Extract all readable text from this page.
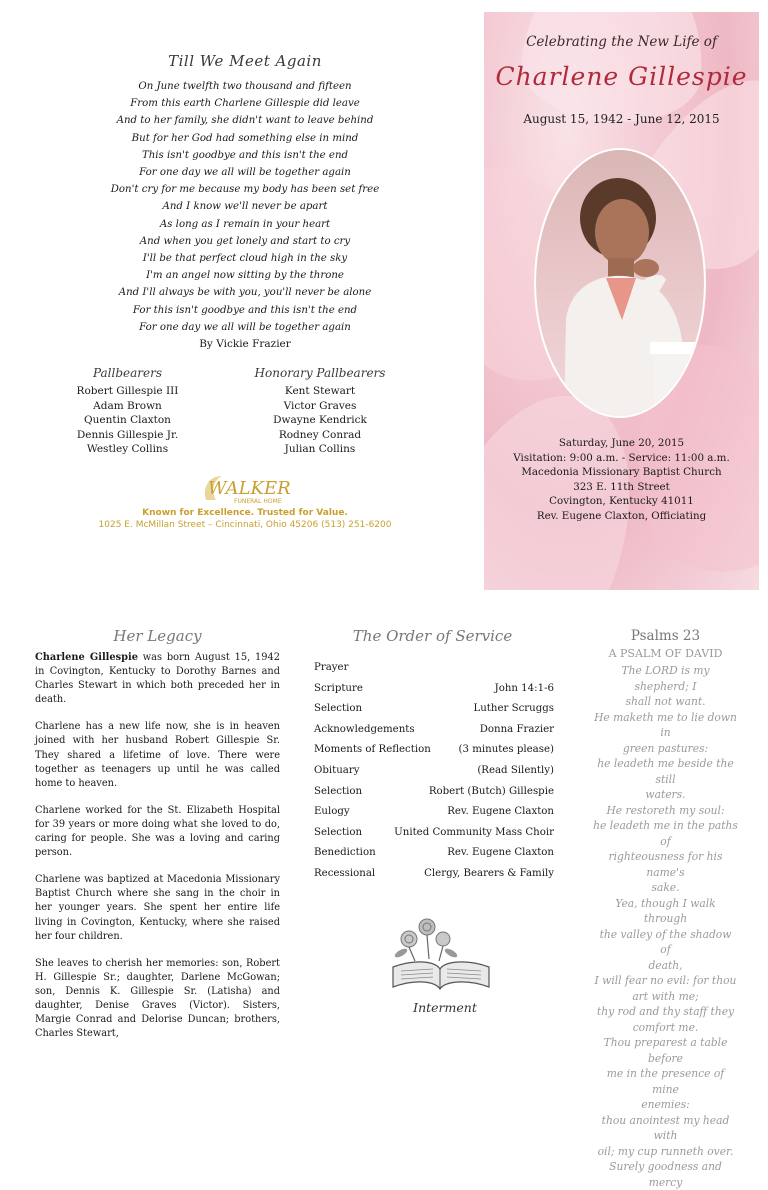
Till We Meet Again
On June twelfth two thousand and fifteen
From this earth Charlene Gillespie did leave
And to her family, she didn't want to leave behind
But for her God had something else in mind
This isn't goodbye and this isn't the end
For one day we all will be together again
Don't cry for me because my body has been set free
And I know we'll never be apart
As long as I remain in your heart
And when you get lonely and start to cry
I'll be that perfect cloud high in the sky
I'm an angel now sitting by the throne
And I'll always be with you, you'll never be alone
For this isn't goodbye and this isn't the end
For one day we all will be together again
By Vickie Frazier
Pallbearers
Robert Gillespie III
Adam Brown
Quentin Claxton
Dennis Gillespie Jr.
Westley Collins
Honorary Pallbearers
Kent Stewart
Victor Graves
Dwayne Kendrick
Rodney Conrad
Julian Collins
WALKER
FUNERAL HOME
Known for Excellence. Trusted for Value.
1025 E. McMillan Street – Cincinnati, Ohio 45206 (513) 251-6200
Celebrating the New Life of
Charlene Gillespie
August 15, 1942 - June 12, 2015
Saturday, June 20, 2015
Visitation: 9:00 a.m. - Service: 11:00 a.m.
Macedonia Missionary Baptist Church
323 E. 11th Street
Covington, Kentucky 41011
Rev. Eugene Claxton, Officiating
Her Legacy

Charlene Gillespie was born August 15, 1942 in Covington, Kentucky to Dorothy Barnes and Charles Stewart in which both preceded her in death.

Charlene has a new life now, she is in heaven joined with her husband Robert Gillespie Sr. They shared a lifetime of love. There were together as teenagers up until he was called home to heaven.

Charlene worked for the St. Elizabeth Hospital for 39 years or more doing what she loved to do, caring for people. She was a loving and caring person.

Charlene was baptized at Macedonia Missionary Baptist Church where she sang in the choir in her younger years. She spent her entire life living in Covington, Kentucky, where she raised her four children.

She leaves to cherish her memories: son, Robert H. Gillespie Sr.; daughter, Darlene McGowan; son, Dennis K. Gillespie Sr. (Latisha) and daughter, Denise Graves (Victor). Sisters, Margie Conrad and Delorise Duncan; brothers, Charles Stewart,

The Order of Service
Prayer
Scripture	John 14:1-6
Selection	Luther Scruggs
Acknowledgements	Donna Frazier
Moments of Reflection	(3 minutes please)
Obituary	(Read Silently)
Selection	Robert (Butch) Gillespie
Eulogy	Rev. Eugene Claxton
Selection	United Community Mass Choir
Benediction	Rev. Eugene Claxton
Recessional	Clergy, Bearers & Family
Interment
Psalms 23
A PSALM OF DAVID
The LORD is my shepherd; I
shall not want.
He maketh me to lie down in
green pastures:
he leadeth me beside the still
waters.
He restoreth my soul:
he leadeth me in the paths of
righteousness for his name's
sake.
Yea, though I walk through
the valley of the shadow of
death,
I will fear no evil: for thou
art with me;
thy rod and thy staff they
comfort me.
Thou preparest a table before
me in the presence of mine
enemies:
thou anointest my head with
oil; my cup runneth over.
Surely goodness and mercy
